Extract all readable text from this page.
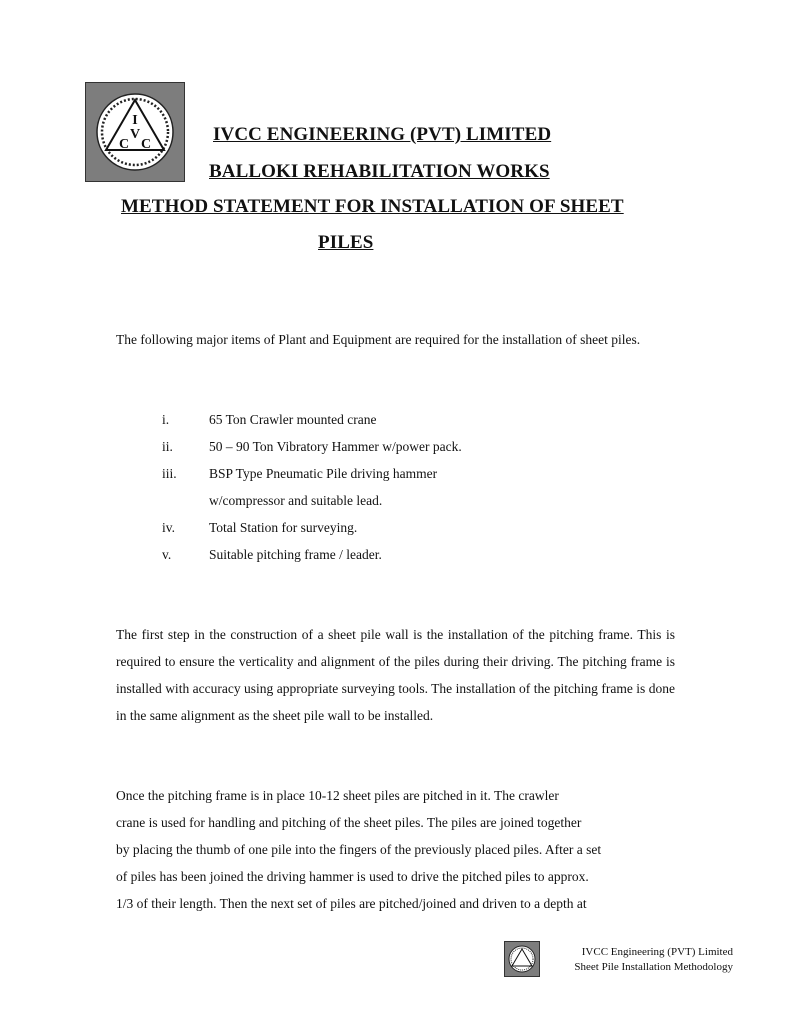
I
V
C C	IVCC ENGINEERING (PVT) LIMITED
BALLOKI REHABILITATION WORKS
METHOD STATEMENT FOR INSTALLATION OF SHEET
PILES
The following major items of Plant and Equipment are required for the installation of sheet piles.
i.	65 Ton Crawler mounted crane
ii.	50 – 90 Ton Vibratory Hammer w/power pack.
iii. BSP Type Pneumatic Pile driving hammer
w/compressor and suitable lead.
iv.	Total Station for surveying.
v.	Suitable pitching frame / leader.
The first step in the construction of a sheet pile wall is the installation of the pitching frame. This is required to ensure the verticality and alignment of the piles during their driving. The pitching frame is installed with accuracy using appropriate surveying tools. The installation of the pitching frame is done in the same alignment as the sheet pile wall to be installed.
Once the pitching frame is in place 10-12 sheet piles are pitched in it. The crawler
crane is used for handling and pitching of the sheet piles. The piles are joined together
by placing the thumb of one pile into the fingers of the previously placed piles. After a set
of piles has been joined the driving hammer is used to drive the pitched piles to approx.
1/3 of their length. Then the next set of piles are pitched/joined and driven to a depth at
IVCC Engineering (PVT) Limited
Sheet Pile Installation Methodology
